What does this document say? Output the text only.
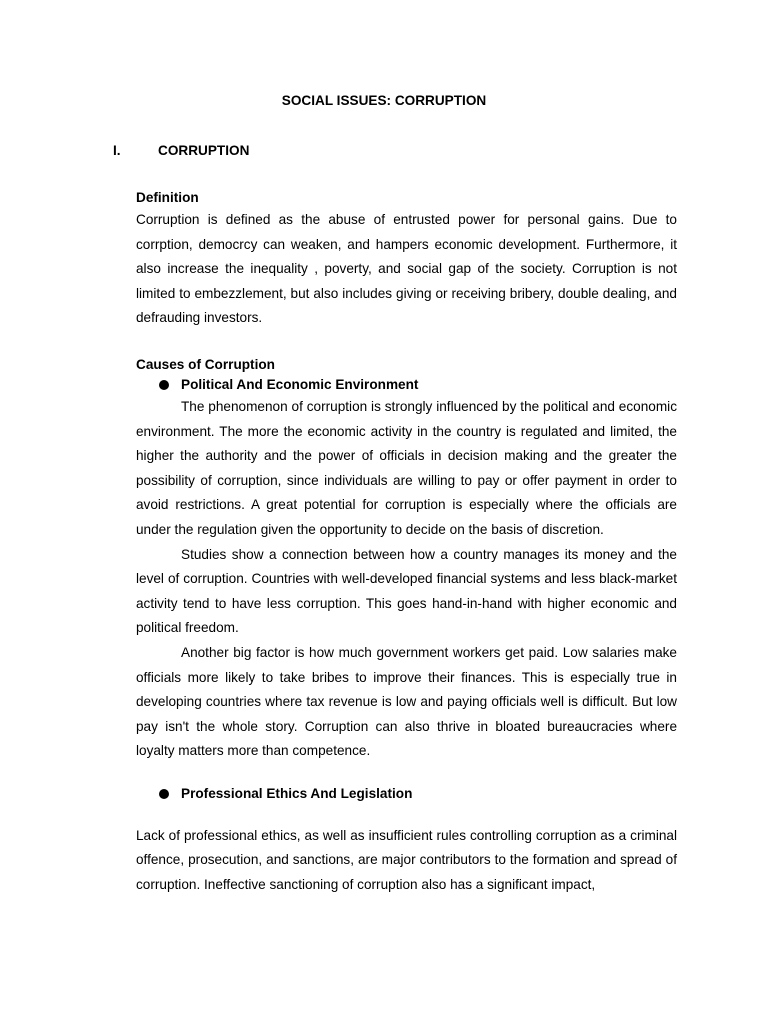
SOCIAL ISSUES: CORRUPTION
I.	CORRUPTION

Definition

Corruption is defined as the abuse of entrusted power for personal gains. Due to corrption, democrcy can weaken, and hampers economic development. Furthermore, it also increase the inequality , poverty, and social gap of the society. Corruption is not limited to embezzlement, but also includes giving or receiving bribery, double dealing, and defrauding investors.

Causes of Corruption

Political And Economic Environment

The phenomenon of corruption is strongly influenced by the political and economic environment. The more the economic activity in the country is regulated and limited, the higher the authority and the power of officials in decision making and the greater the possibility of corruption, since individuals are willing to pay or offer payment in order to avoid restrictions. A great potential for corruption is especially where the officials are under the regulation given the opportunity to decide on the basis of discretion.

Studies show a connection between how a country manages its money and the level of corruption. Countries with well-developed financial systems and less black-market activity tend to have less corruption. This goes hand-in-hand with higher economic and political freedom.

Another big factor is how much government workers get paid. Low salaries make officials more likely to take bribes to improve their finances. This is especially true in developing countries where tax revenue is low and paying officials well is difficult. But low pay isn't the whole story. Corruption can also thrive in bloated bureaucracies where loyalty matters more than competence.

Professional Ethics And Legislation

Lack of professional ethics, as well as insufficient rules controlling corruption as a criminal offence, prosecution, and sanctions, are major contributors to the formation and spread of corruption. Ineffective sanctioning of corruption also has a significant impact,
